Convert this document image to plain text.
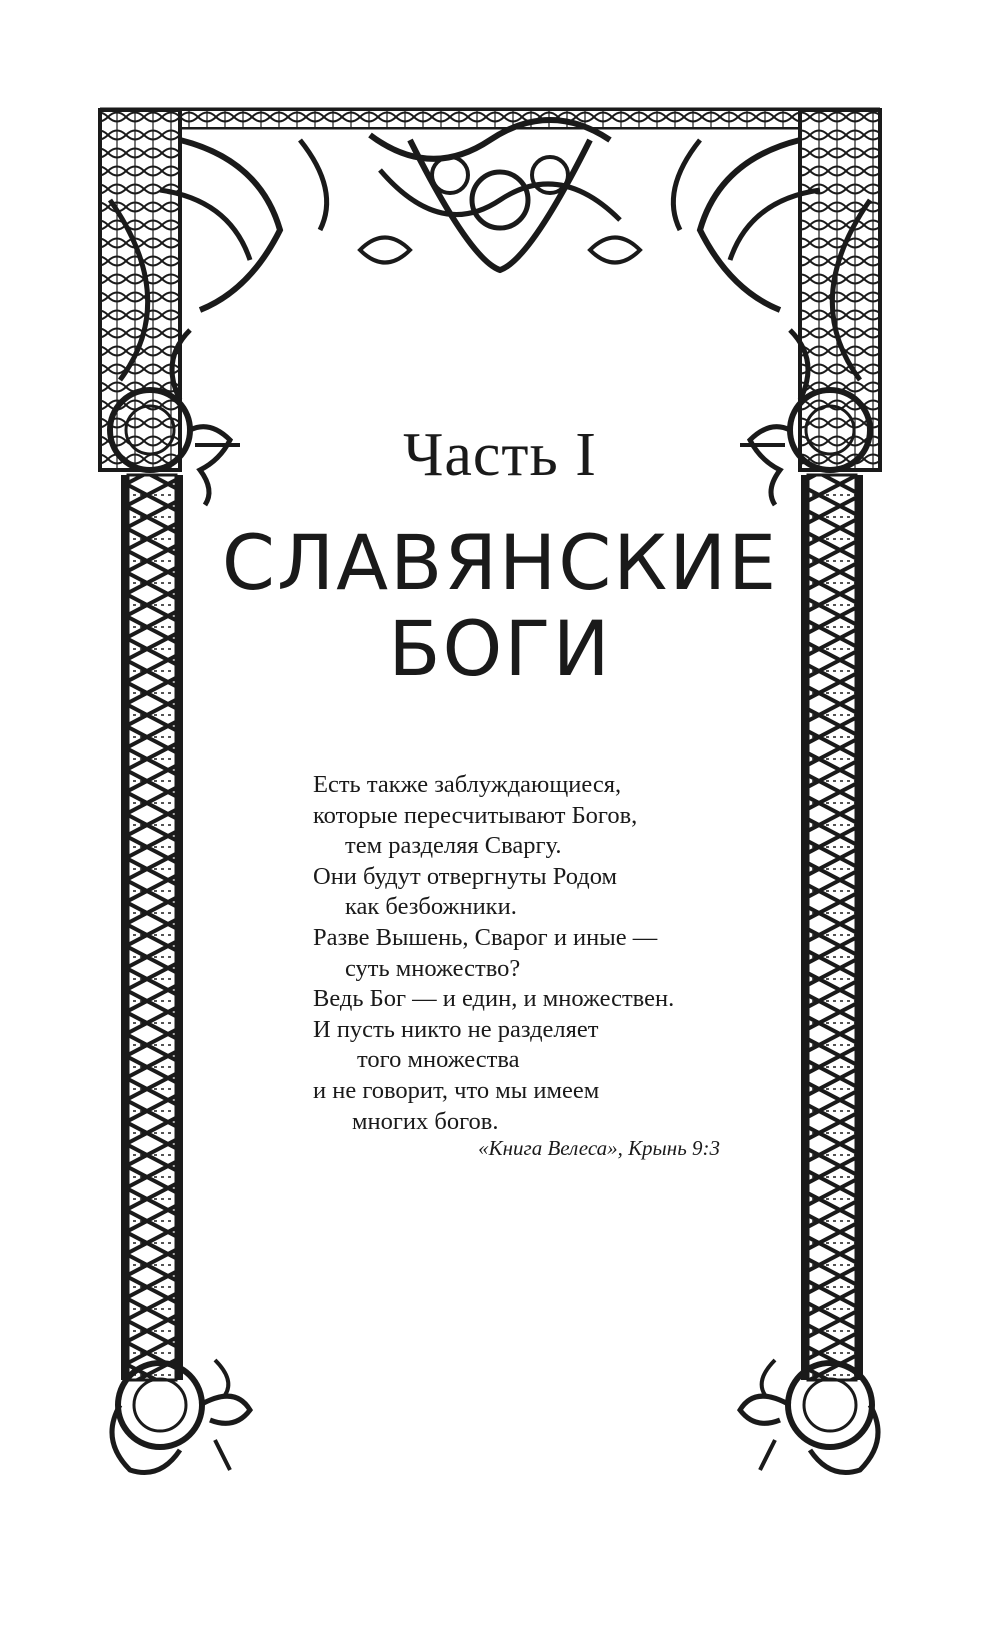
Часть I
СЛАВЯНСКИЕ
БОГИ
Есть также заблуждающиеся,
которые пересчитывают Богов,
тем разделяя Сваргу.
Они будут отвергнуты Родом
как безбожники.
Разве Вышень, Сварог и иные —
суть множество?
Ведь Бог — и един, и множествен.
И пусть никто не разделяет
того множества
и не говорит, что мы имеем
многих богов.
«Книга Велеса», Крынь 9:3
